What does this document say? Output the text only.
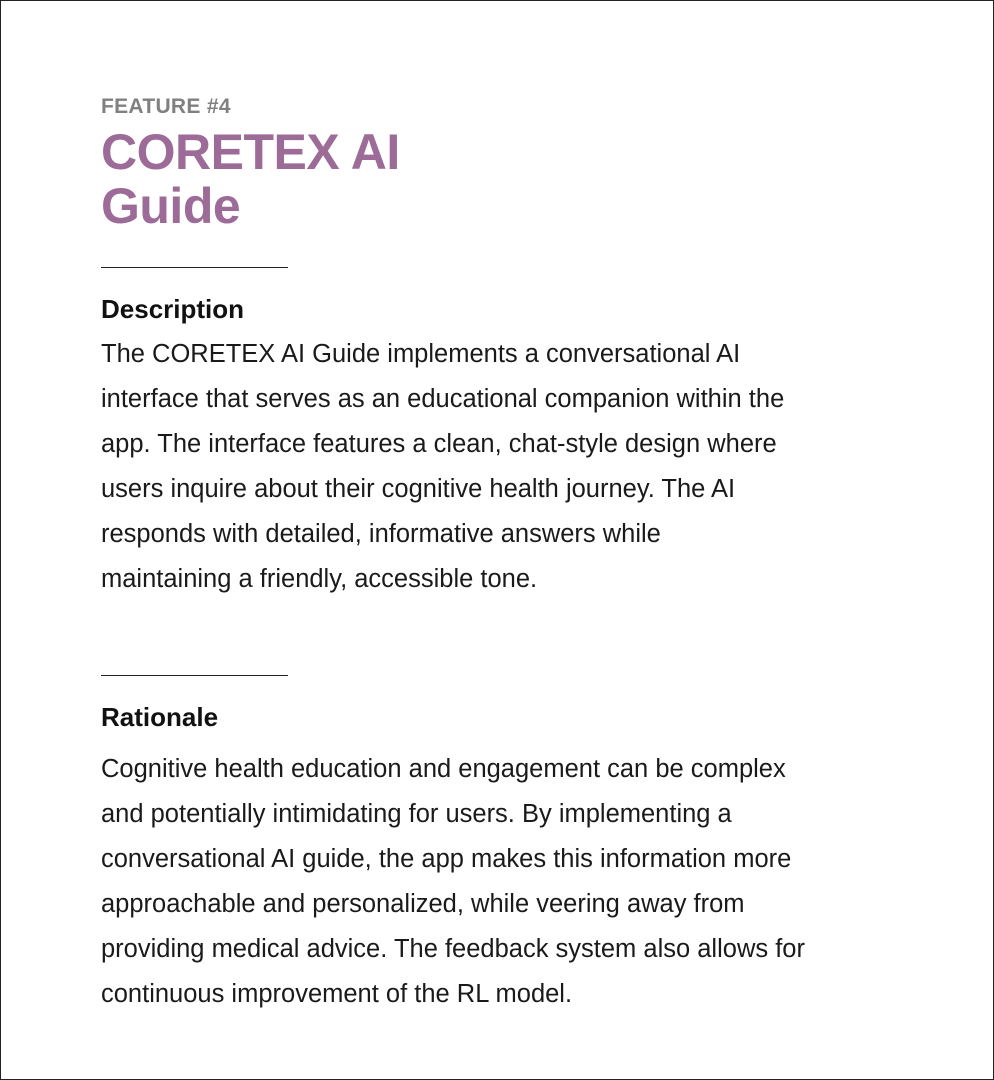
FEATURE #4

CORETEX AI
Guide
Description

The CORETEX AI Guide implements a conversational AI
interface that serves as an educational companion within the
app. The interface features a clean, chat-style design where
users inquire about their cognitive health journey. The AI
responds with detailed, informative answers while
maintaining a friendly, accessible tone.

Rationale

Cognitive health education and engagement can be complex
and potentially intimidating for users. By implementing a
conversational AI guide, the app makes this information more
approachable and personalized, while veering away from
providing medical advice. The feedback system also allows for
continuous improvement of the RL model.
